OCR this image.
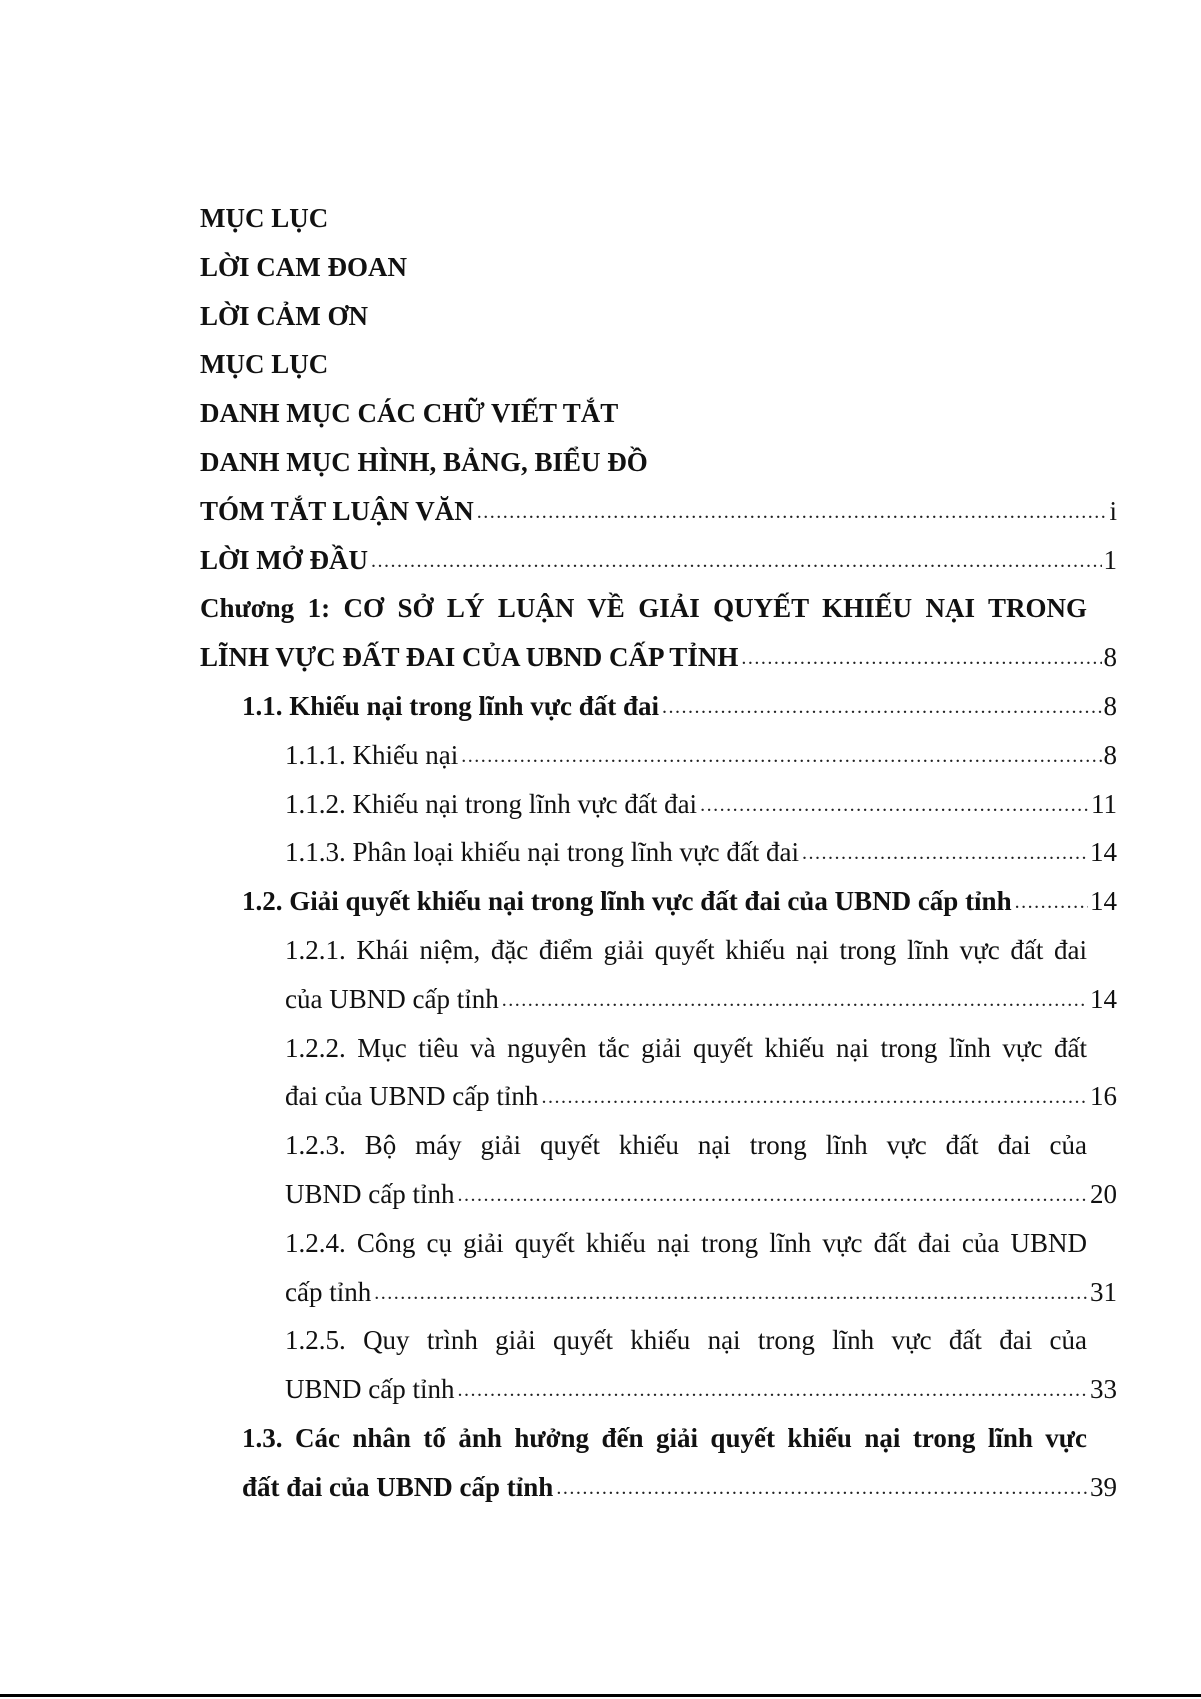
MỤC LỤC
LỜI CAM ĐOAN
LỜI CẢM ƠN
MỤC LỤC
DANH MỤC CÁC CHỮ VIẾT TẮT
DANH MỤC HÌNH, BẢNG, BIỂU ĐỒ
TÓM TẮT LUẬN VĂN .....	i
LỜI MỞ ĐẦU .....	1
Chương 1: CƠ SỞ LÝ LUẬN VỀ GIẢI QUYẾT KHIẾU NẠI TRONG
LĨNH VỰC ĐẤT ĐAI CỦA UBND CẤP TỈNH .....	8
1.1. Khiếu nại trong lĩnh vực đất đai .....	8
1.1.1. Khiếu nại .....	8
1.1.2. Khiếu nại trong lĩnh vực đất đai .....	11
1.1.3. Phân loại khiếu nại trong lĩnh vực đất đai .....	14
1.2. Giải quyết khiếu nại trong lĩnh vực đất đai của UBND cấp tỉnh .....	14
1.2.1. Khái niệm, đặc điểm giải quyết khiếu nại trong lĩnh vực đất đai
của UBND cấp tỉnh .....	14
1.2.2. Mục tiêu và nguyên tắc giải quyết khiếu nại trong lĩnh vực đất
đai của UBND cấp tỉnh .....	16
1.2.3. Bộ máy giải quyết khiếu nại trong lĩnh vực đất đai của
UBND cấp tỉnh .....	20
1.2.4. Công cụ giải quyết khiếu nại trong lĩnh vực đất đai của UBND
cấp tỉnh .....	31
1.2.5. Quy trình giải quyết khiếu nại trong lĩnh vực đất đai của
UBND cấp tỉnh .....	33
1.3. Các nhân tố ảnh hưởng đến giải quyết khiếu nại trong lĩnh vực
đất đai của UBND cấp tỉnh .....	39
